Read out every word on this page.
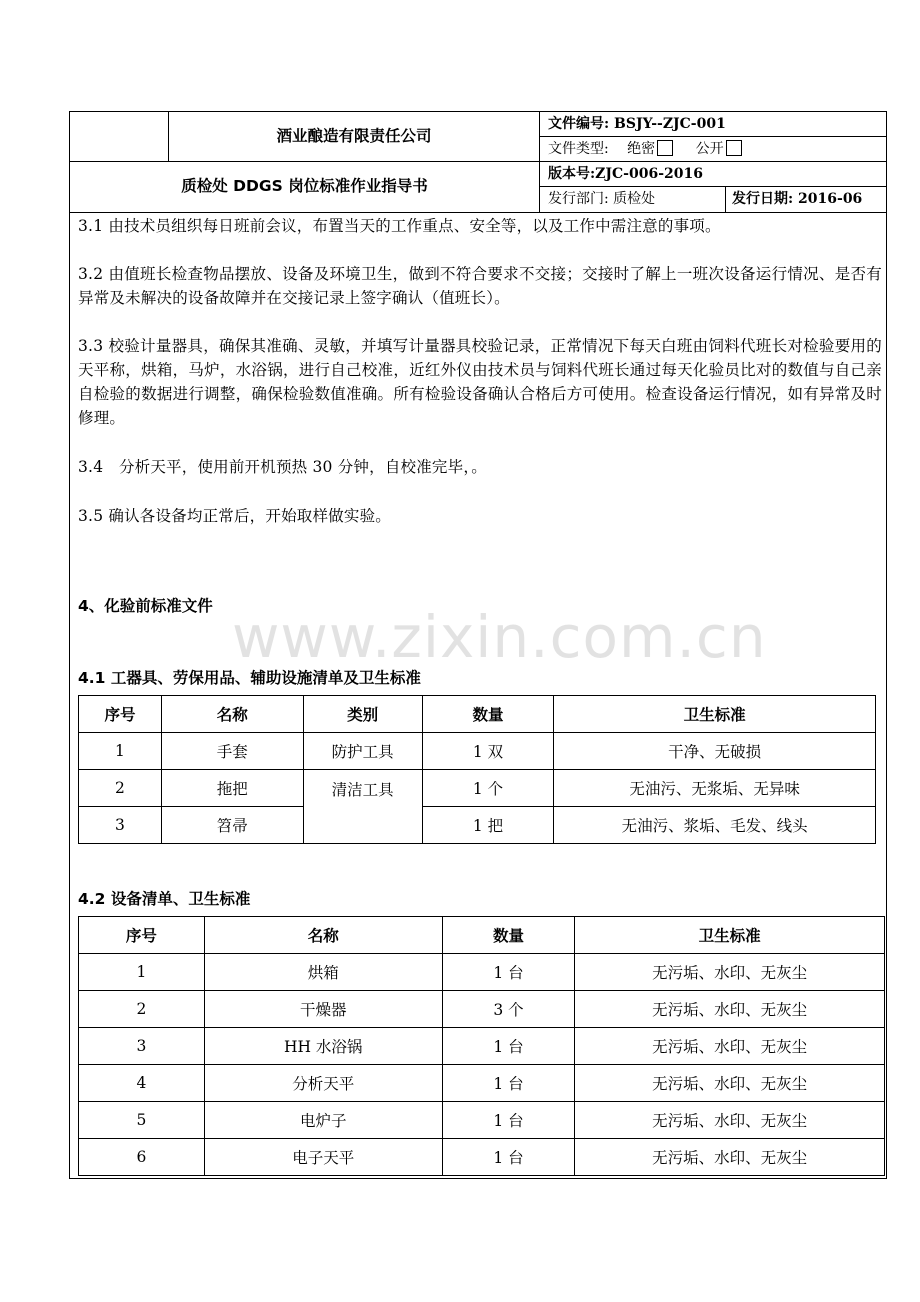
酒业酿造有限责任公司
质检处 DDGS 岗位标准作业指导书
文件编号: BSJY--ZJC-001
文件类型: 绝密	公开
版本号:ZJC-006-2016
发行部门: 质检处	发行日期: 2016-06
3.1 由技术员组织每日班前会议，布置当天的工作重点、安全等，以及工作中需注意的事项。
3.2 由值班长检查物品摆放、设备及环境卫生，做到不符合要求不交接；交接时了解上一班次设备运行情况、是否有异常及未解决的设备故障并在交接记录上签字确认（值班长）。
3.3 校验计量器具，确保其准确、灵敏，并填写计量器具校验记录，正常情况下每天白班由饲料代班长对检验要用的天平称，烘箱，马炉，水浴锅，进行自己校准，近红外仪由技术员与饲料代班长通过每天化验员比对的数值与自己亲自检验的数据进行调整，确保检验数值准确。所有检验设备确认合格后方可使用。检查设备运行情况，如有异常及时修理。
3.4　分析天平，使用前开机预热 30 分钟，自校准完毕，。
3.5 确认各设备均正常后，开始取样做实验。
4、化验前标准文件 www.zixin.com.cn
4.1 工器具、劳保用品、辅助设施清单及卫生标准
序号	名称	类别	数量	卫生标准
1	手套	防护工具	1 双	干净、无破损
2	拖把	清洁工具	1 个	无油污、无浆垢、无异味
3	笤帚		1 把	无油污、浆垢、毛发、线头
4.2 设备清单、卫生标准
序号	名称	数量	卫生标准
1	烘箱	1 台	无污垢、水印、无灰尘
2	干燥器	3 个	无污垢、水印、无灰尘
3	HH 水浴锅	1 台	无污垢、水印、无灰尘
4	分析天平	1 台	无污垢、水印、无灰尘
5	电炉子	1 台	无污垢、水印、无灰尘
6	电子天平	1 台	无污垢、水印、无灰尘
